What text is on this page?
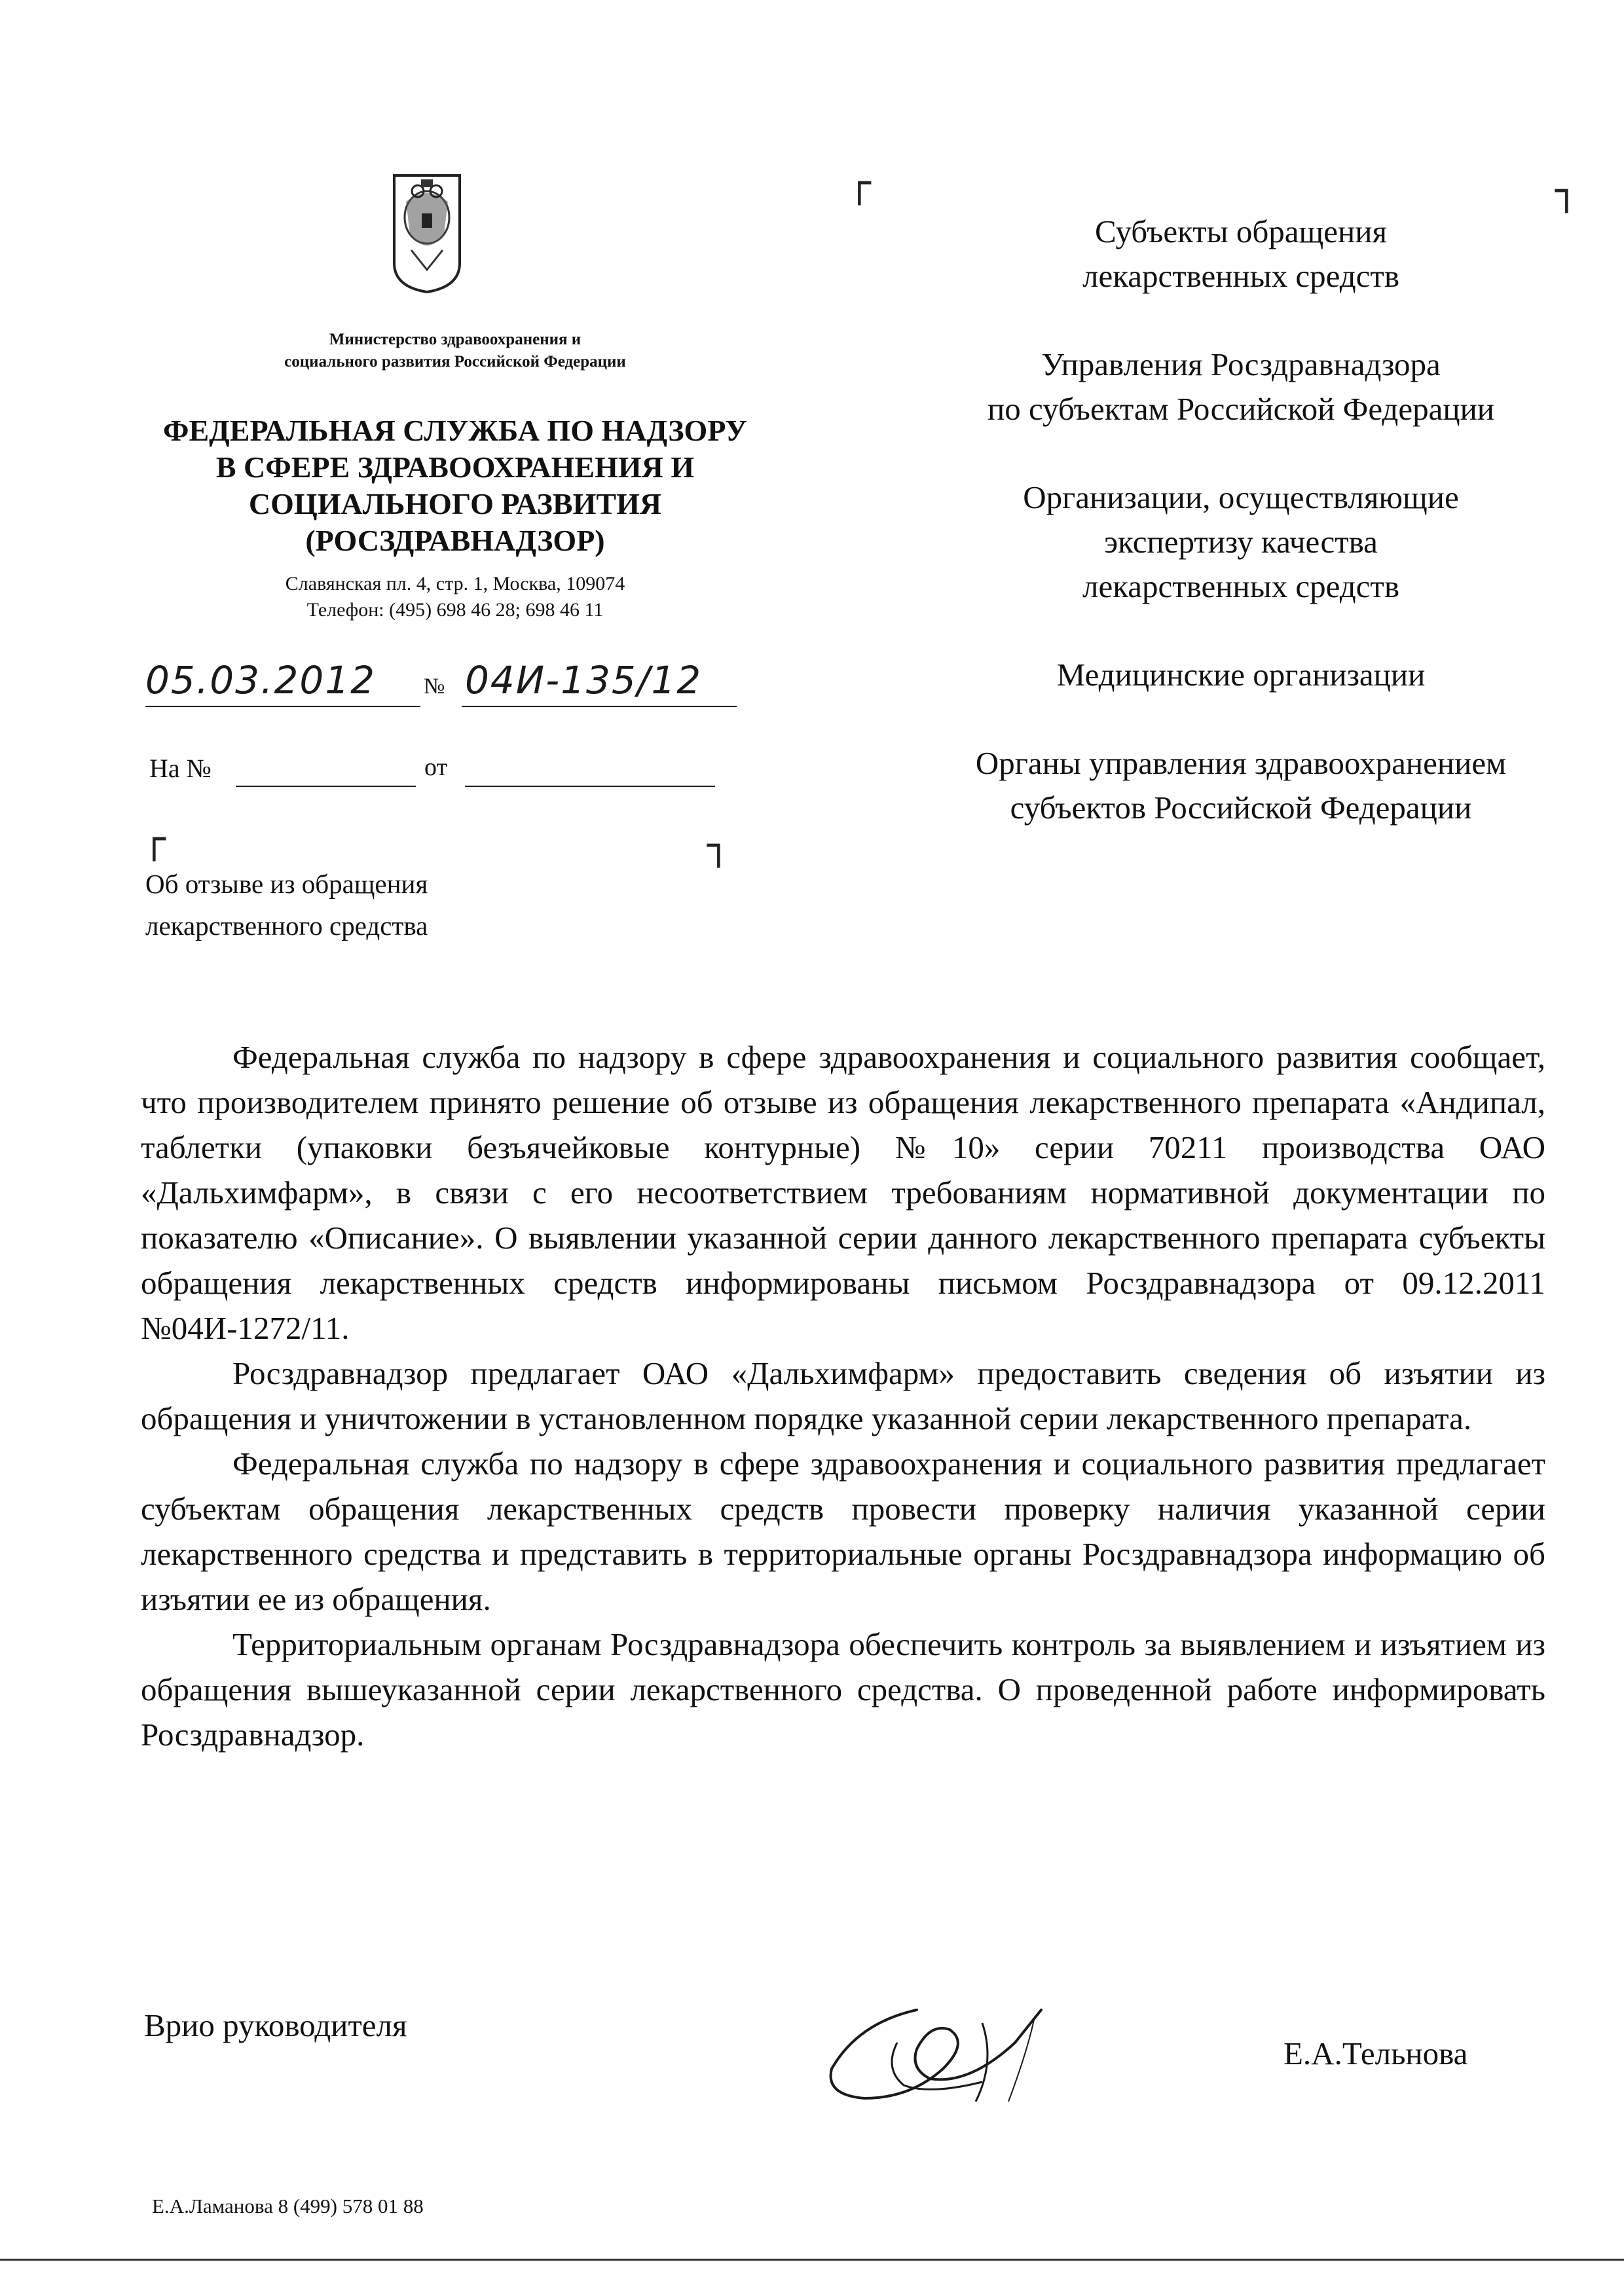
Министерство здравоохранения и
социального развития Российской Федерации
ФЕДЕРАЛЬНАЯ СЛУЖБА ПО НАДЗОРУ
В СФЕРЕ ЗДРАВООХРАНЕНИЯ И
СОЦИАЛЬНОГО РАЗВИТИЯ
(РОСЗДРАВНАДЗОР)
Славянская пл. 4, стр. 1, Москва, 109074
Телефон: (495) 698 46 28; 698 46 11
05.03.2012 № 04И-135/12
На №	от
┌	┐
┌	┐
Об отзыве из обращения
лекарственного средства
Субъекты обращения
лекарственных средств
Управления Росздравнадзора
по субъектам Российской Федерации
Организации, осуществляющие
экспертизу качества
лекарственных средств
Медицинские организации
Органы управления здравоохранением
субъектов Российской Федерации

Федеральная служба по надзору в сфере здравоохранения и социального развития сообщает, что производителем принято решение об отзыве из обращения лекарственного препарата «Андипал, таблетки (упаковки безъячейковые контурные) №10» серии 70211 производства ОАО «Дальхимфарм», в связи с его несоответствием требованиям нормативной документации по показателю «Описание». О выявлении указанной серии данного лекарственного препарата субъекты обращения лекарственных средств информированы письмом Росздравнадзора от 09.12.2011 №04И-1272/11.

Росздравнадзор предлагает ОАО «Дальхимфарм» предоставить сведения об изъятии из обращения и уничтожении в установленном порядке указанной серии лекарственного препарата.

Федеральная служба по надзору в сфере здравоохранения и социального развития предлагает субъектам обращения лекарственных средств провести проверку наличия указанной серии лекарственного средства и представить в территориальные органы Росздравнадзора информацию об изъятии ее из обращения.

Территориальным органам Росздравнадзора обеспечить контроль за выявлением и изъятием из обращения вышеуказанной серии лекарственного средства. О проведенной работе информировать Росздравнадзор.

Врио руководителя
Е.А.Тельнова
Е.А.Ламанова 8 (499) 578 01 88
